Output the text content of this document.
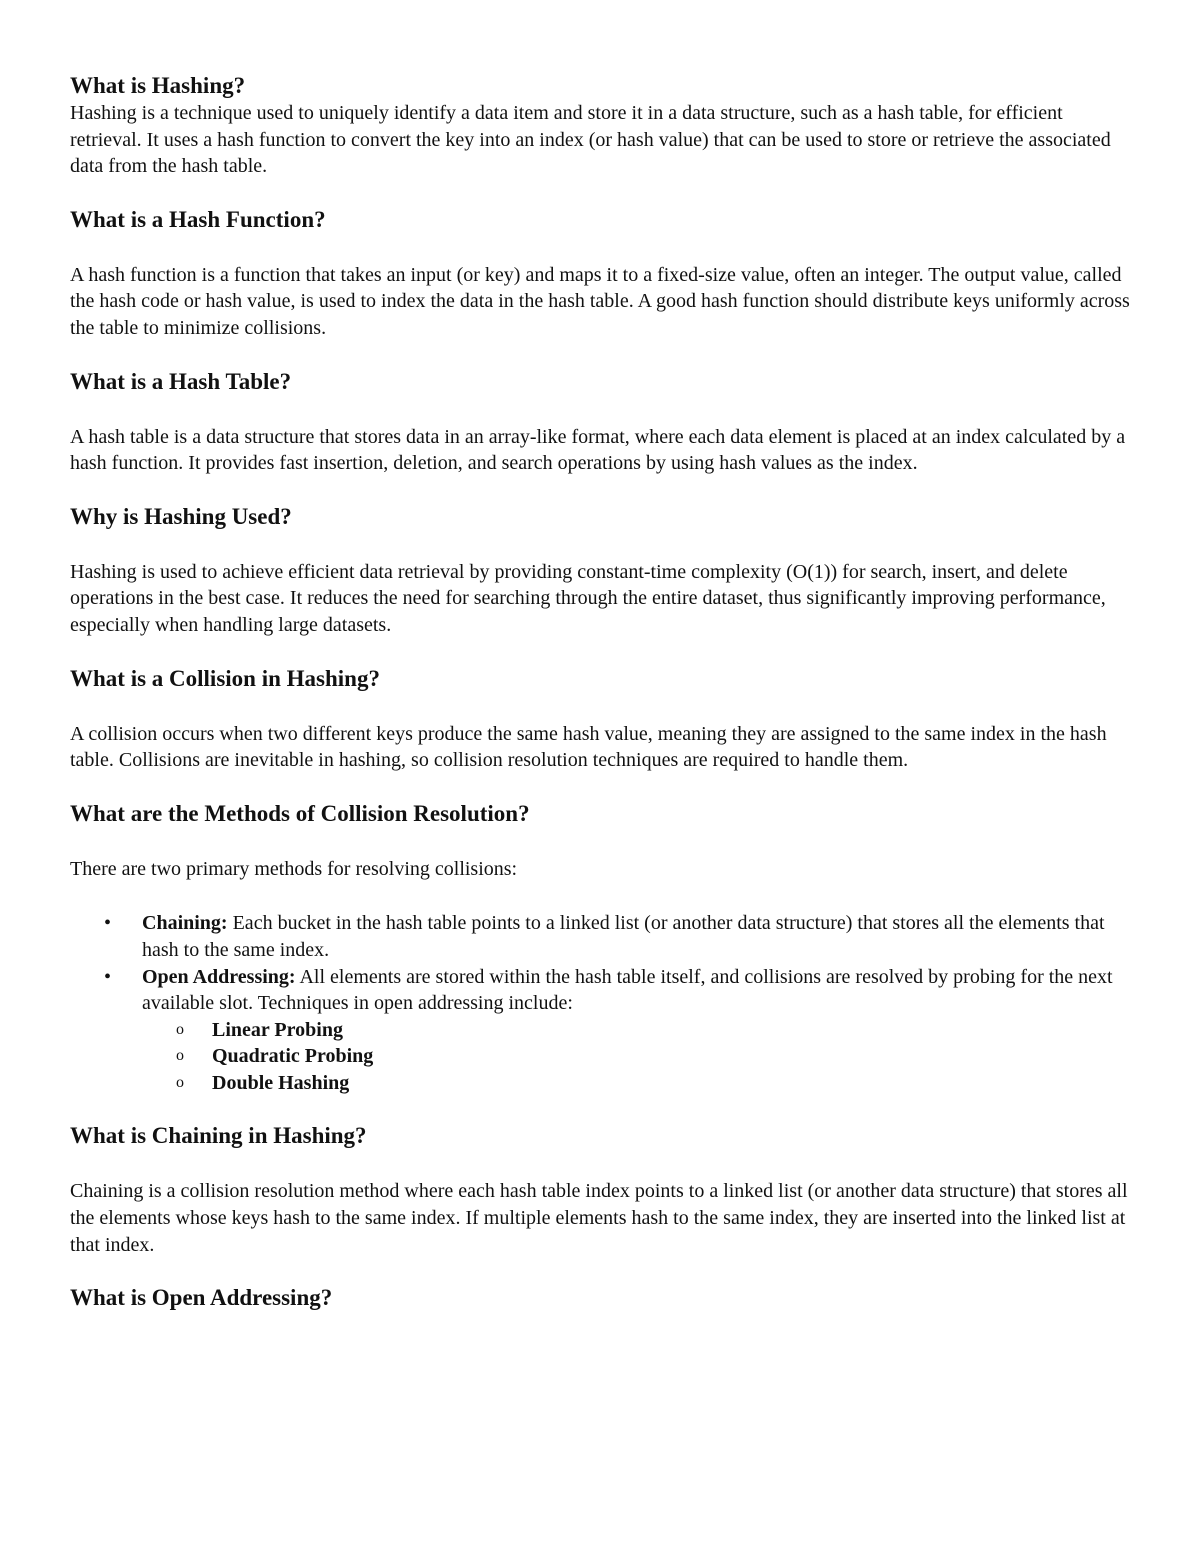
What is Hashing?

Hashing is a technique used to uniquely identify a data item and store it in a data structure, such as a hash table, for efficient retrieval. It uses a hash function to convert the key into an index (or hash value) that can be used to store or retrieve the associated data from the hash table.

What is a Hash Function?

A hash function is a function that takes an input (or key) and maps it to a fixed-size value, often an integer. The output value, called the hash code or hash value, is used to index the data in the hash table. A good hash function should distribute keys uniformly across the table to minimize collisions.

What is a Hash Table?

A hash table is a data structure that stores data in an array-like format, where each data element is placed at an index calculated by a hash function. It provides fast insertion, deletion, and search operations by using hash values as the index.

Why is Hashing Used?

Hashing is used to achieve efficient data retrieval by providing constant-time complexity (O(1)) for search, insert, and delete operations in the best case. It reduces the need for searching through the entire dataset, thus significantly improving performance, especially when handling large datasets.

What is a Collision in Hashing?

A collision occurs when two different keys produce the same hash value, meaning they are assigned to the same index in the hash table. Collisions are inevitable in hashing, so collision resolution techniques are required to handle them.

What are the Methods of Collision Resolution?

There are two primary methods for resolving collisions:

• Chaining: Each bucket in the hash table points to a linked list (or another data structure) that stores all the elements that hash to the same index.
• Open Addressing: All elements are stored within the hash table itself, and collisions are resolved by probing for the next available slot. Techniques in open addressing include:
o Linear Probing
o Quadratic Probing
o Double Hashing
What is Chaining in Hashing?

Chaining is a collision resolution method where each hash table index points to a linked list (or another data structure) that stores all the elements whose keys hash to the same index. If multiple elements hash to the same index, they are inserted into the linked list at that index.

What is Open Addressing?
